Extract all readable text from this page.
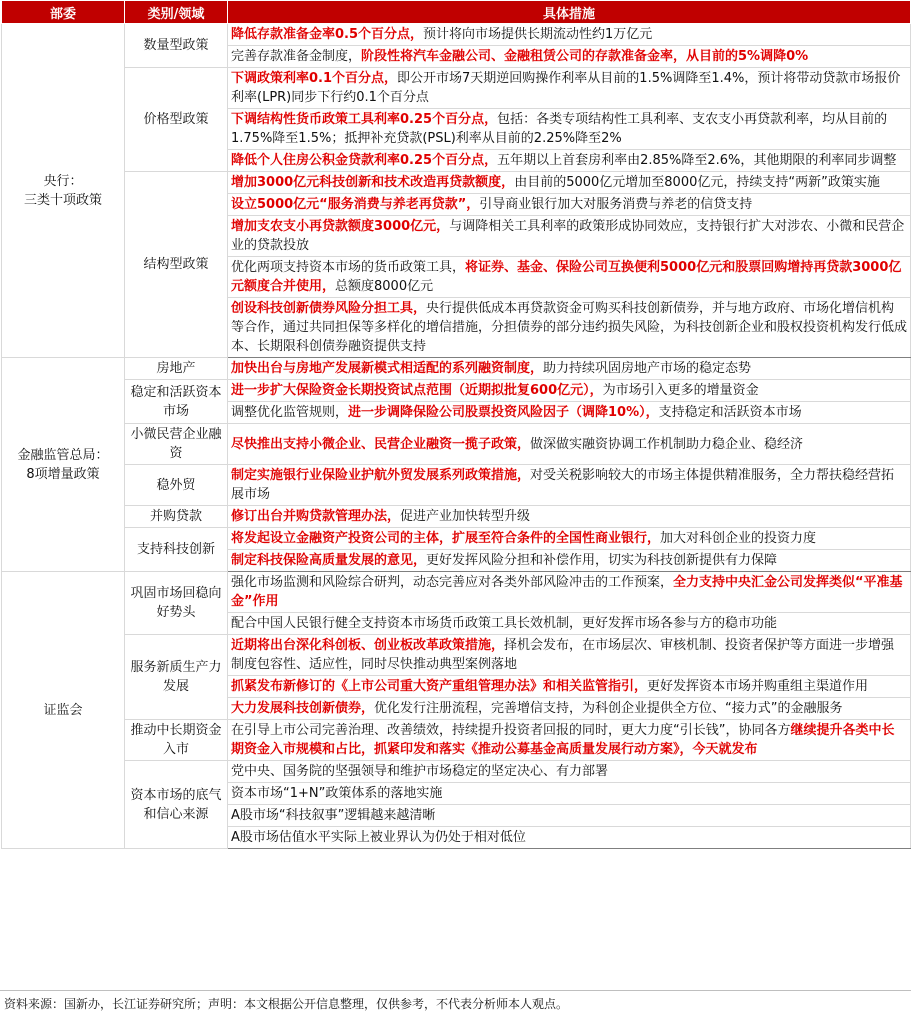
部委	类别/领域	具体措施
央行：
三类十项政策	数量型政策	降低存款准备金率0.5个百分点，预计将向市场提供长期流动性约1万亿元
		完善存款准备金制度，阶段性将汽车金融公司、金融租赁公司的存款准备金率，从目前的5%调降0%
	价格型政策	下调政策利率0.1个百分点，即公开市场7天期逆回购操作利率从目前的1.5%调降至1.4%，预计将带动贷款市场报价利率(LPR)同步下行约0.1个百分点
		下调结构性货币政策工具利率0.25个百分点，包括：各类专项结构性工具利率、支农支小再贷款利率，均从目前的1.75%降至1.5%；抵押补充贷款(PSL)利率从目前的2.25%降至2%
		降低个人住房公积金贷款利率0.25个百分点，五年期以上首套房利率由2.85%降至2.6%，其他期限的利率同步调整
	结构型政策	增加3000亿元科技创新和技术改造再贷款额度，由目前的5000亿元增加至8000亿元，持续支持“两新”政策实施
		设立5000亿元“服务消费与养老再贷款”，引导商业银行加大对服务消费与养老的信贷支持
		增加支农支小再贷款额度3000亿元，与调降相关工具利率的政策形成协同效应，支持银行扩大对涉农、小微和民营企业的贷款投放
		优化两项支持资本市场的货币政策工具，将证券、基金、保险公司互换便利5000亿元和股票回购增持再贷款3000亿元额度合并使用，总额度8000亿元
		创设科技创新债券风险分担工具，央行提供低成本再贷款资金可购买科技创新债券，并与地方政府、市场化增信机构等合作，通过共同担保等多样化的增信措施，分担债券的部分违约损失风险，为科技创新企业和股权投资机构发行低成本、长期限科创债券融资提供支持
金融监管总局：
8项增量政策	房地产	加快出台与房地产发展新模式相适配的系列融资制度，助力持续巩固房地产市场的稳定态势
	稳定和活跃资本市场	进一步扩大保险资金长期投资试点范围（近期拟批复600亿元），为市场引入更多的增量资金
		调整优化监管规则，进一步调降保险公司股票投资风险因子（调降10%），支持稳定和活跃资本市场
	小微民营企业融资	尽快推出支持小微企业、民营企业融资一揽子政策，做深做实融资协调工作机制助力稳企业、稳经济
	稳外贸	制定实施银行业保险业护航外贸发展系列政策措施，对受关税影响较大的市场主体提供精准服务，全力帮扶稳经营拓展市场
	并购贷款	修订出台并购贷款管理办法，促进产业加快转型升级
	支持科技创新	将发起设立金融资产投资公司的主体，扩展至符合条件的全国性商业银行，加大对科创企业的投资力度
		制定科技保险高质量发展的意见，更好发挥风险分担和补偿作用，切实为科技创新提供有力保障
证监会	巩固市场回稳向好势头	强化市场监测和风险综合研判，动态完善应对各类外部风险冲击的工作预案，全力支持中央汇金公司发挥类似“平准基金”作用
		配合中国人民银行健全支持资本市场货币政策工具长效机制，更好发挥市场各参与方的稳市功能
	服务新质生产力发展	近期将出台深化科创板、创业板改革政策措施，择机会发布，在市场层次、审核机制、投资者保护等方面进一步增强制度包容性、适应性，同时尽快推动典型案例落地
		抓紧发布新修订的《上市公司重大资产重组管理办法》和相关监管指引，更好发挥资本市场并购重组主渠道作用
		大力发展科技创新债券，优化发行注册流程，完善增信支持，为科创企业提供全方位、“接力式”的金融服务
	推动中长期资金入市	在引导上市公司完善治理、改善绩效，持续提升投资者回报的同时，更大力度“引长钱”，协同各方继续提升各类中长期资金入市规模和占比，抓紧印发和落实《推动公募基金高质量发展行动方案》，今天就发布
	资本市场的底气和信心来源	党中央、国务院的坚强领导和维护市场稳定的坚定决心、有力部署
		资本市场“1+N”政策体系的落地实施
		A股市场“科技叙事”逻辑越来越清晰
		A股市场估值水平实际上被业界认为仍处于相对低位
资料来源：国新办，长江证券研究所；声明：本文根据公开信息整理，仅供参考，不代表分析师本人观点。
